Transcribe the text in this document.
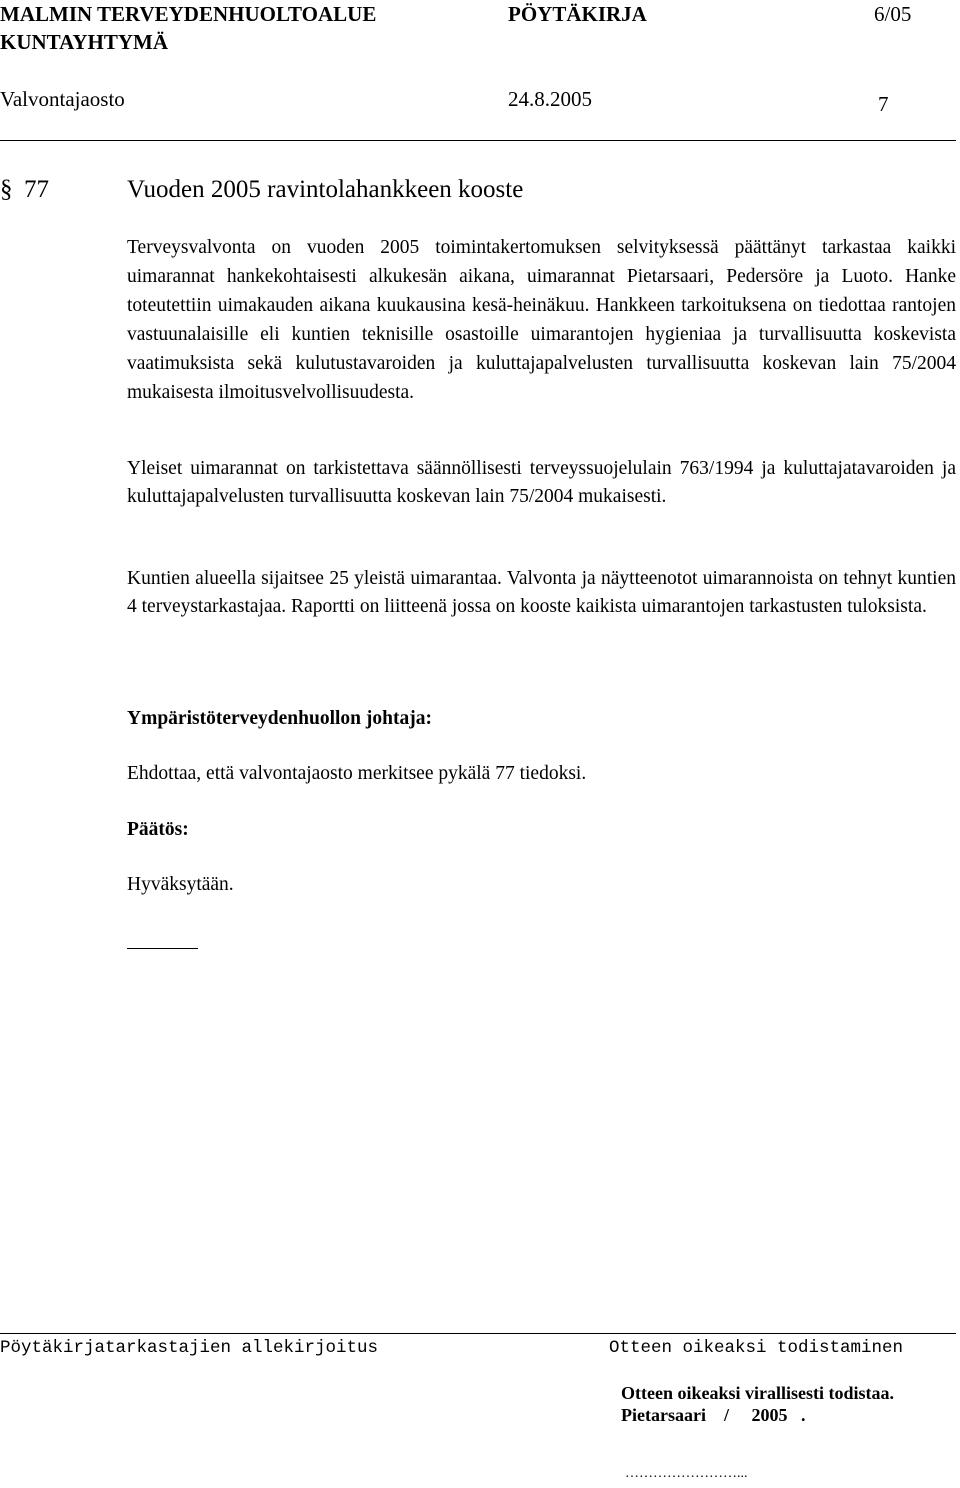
MALMIN TERVEYDENHUOLTOALUE
KUNTAYHTYMÄ
PÖYTÄKIRJA	6/05
Valvontajaosto	24.8.2005	7
§ 77	Vuoden 2005 ravintolahankkeen kooste
Terveysvalvonta on vuoden 2005 toimintakertomuksen selvityksessä päättänyt tarkastaa kaikki uimarannat hankekohtaisesti alkukesän aikana, uimarannat Pietarsaari, Pedersöre ja Luoto. Hanke toteutettiin uimakauden aikana kuukausina kesä-heinäkuu. Hankkeen tarkoituksena on tiedottaa rantojen vastuunalaisille eli kuntien teknisille osastoille uimarantojen hygieniaa ja turvallisuutta koskevista vaatimuksista sekä kulutustavaroiden ja kuluttajapalvelusten turvallisuutta koskevan lain 75/2004 mukaisesta ilmoitusvelvollisuudesta.
Yleiset uimarannat on tarkistettava säännöllisesti terveyssuojelulain 763/1994 ja kuluttajatavaroiden ja kuluttajapalvelusten turvallisuutta koskevan lain 75/2004 mukaisesti.
Kuntien alueella sijaitsee 25 yleistä uimarantaa. Valvonta ja näytteenotot uimarannoista on tehnyt kuntien 4 terveystarkastajaa. Raportti on liitteenä jossa on kooste kaikista uimarantojen tarkastusten tuloksista.
Ympäristöterveydenhuollon johtaja:
Ehdottaa, että valvontajaosto merkitsee pykälä 77 tiedoksi.
Päätös:
Hyväksytään.
Pöytäkirjatarkastajien allekirjoitus	Otteen oikeaksi todistaminen
Otteen oikeaksi virallisesti todistaa.
Pietarsaari    /     2005   .
……………………...
